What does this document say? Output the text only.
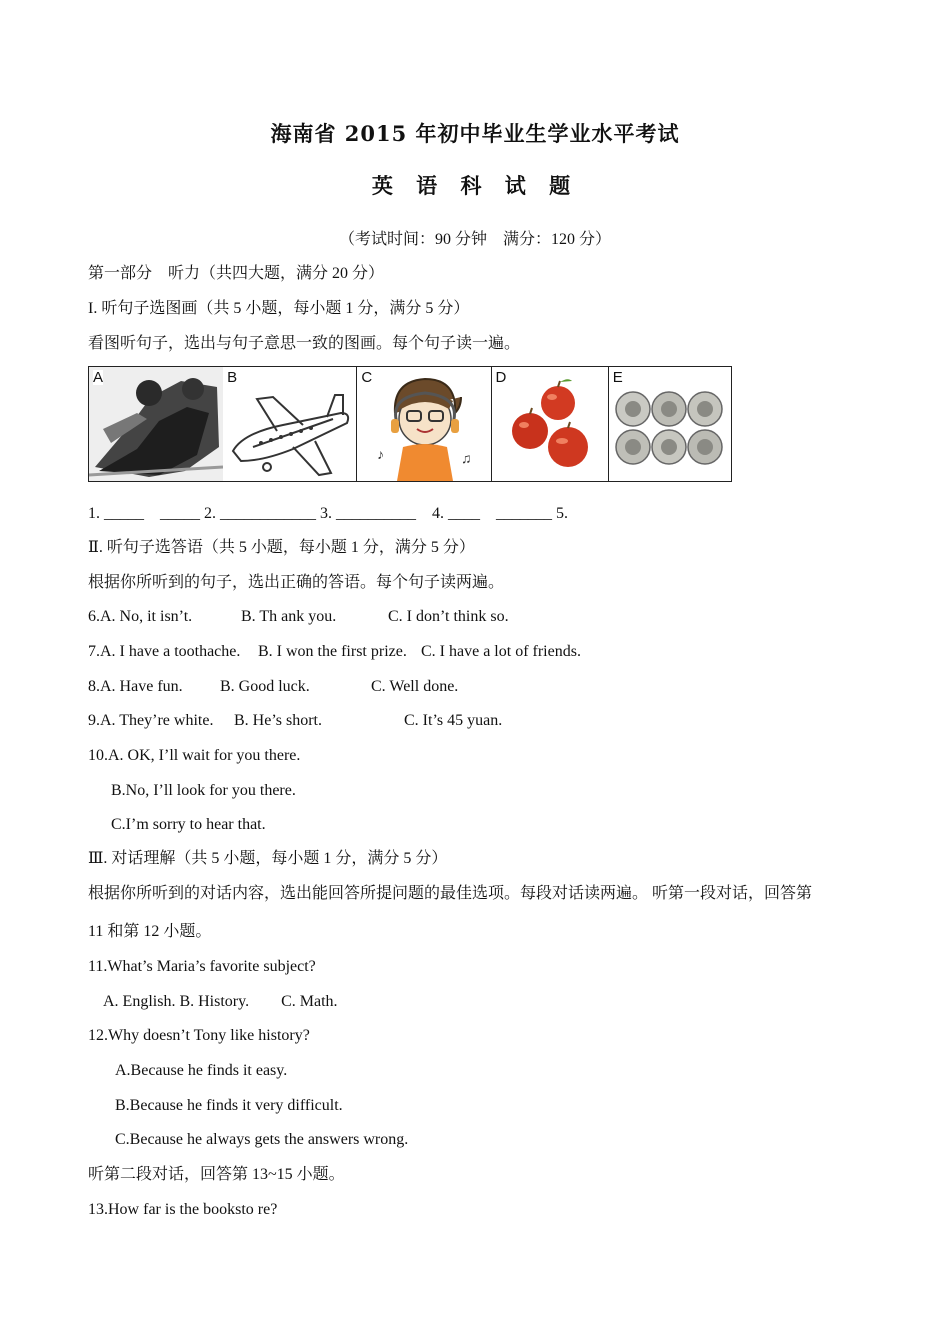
海南省 2015 年初中毕业生学业水平考试
英 语 科 试 题
（考试时间：90 分钟　满分：120 分）
第一部分　听力（共四大题，满分 20 分）
I. 听句子选图画（共 5 小题，每小题 1 分，满分 5 分）
看图听句子，选出与句子意思一致的图画。每个句子读一遍。
A	B
♪	♫
C	D	E
1. _____　_____ 2. ____________ 3. __________　4. ____　_______ 5.
Ⅱ. 听句子选答语（共 5 小题，每小题 1 分，满分 5 分）
根据你所听到的句子，选出正确的答语。每个句子读两遍。
6.A. No, it isn’t.	B. Th ank you.	C. I don’t think so.
7.A. I have a toothache. B. I won the first prize. C. I have a lot of friends.
8.A. Have fun. B. Good luck.	C. Well done.
9.A. They’re white. B. He’s short.	C. It’s 45 yuan.
10.A. OK, I’ll wait for you there.
B.No, I’ll look for you there.
C.I’m sorry to hear that.
Ⅲ. 对话理解（共 5 小题，每小题 1 分，满分 5 分）
根据你所听到的对话内容，选出能回答所提问题的最佳选项。每段对话读两遍。 听第一段对话，回答第
11 和第 12 小题。
11.What’s Maria’s favorite subject?
A. English. B. History.　　C. Math.
12.Why doesn’t Tony like history?
A.Because he finds it easy.
B.Because he finds it very difficult.
C.Because he always gets the answers wrong.
听第二段对话，回答第 13~15 小题。
13.How far is the booksto re?
